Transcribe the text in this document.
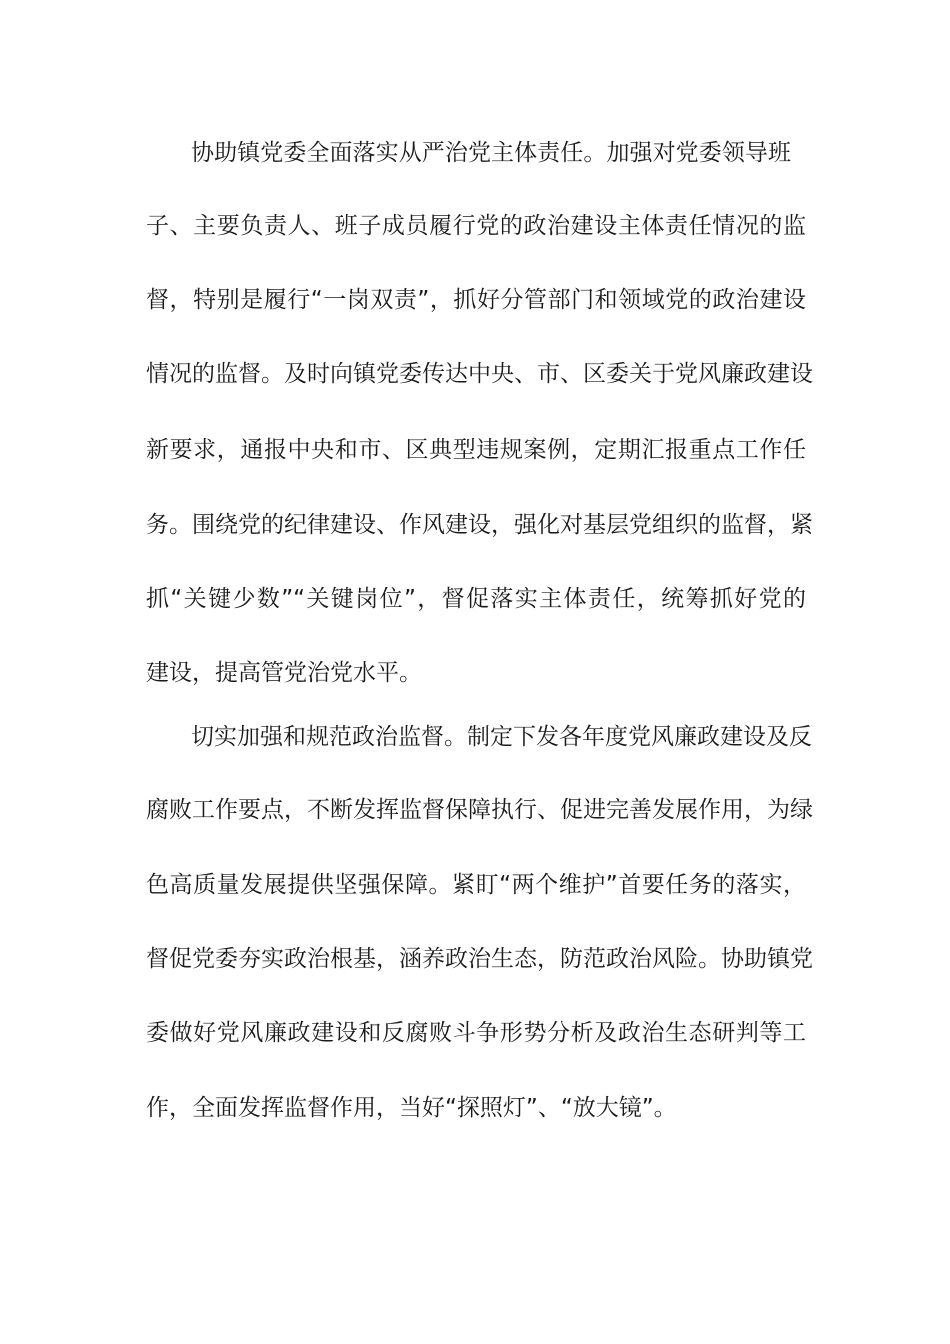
协助镇党委全面落实从严治党主体责任。加强对党委领导班
子、主要负责人、班子成员履行党的政治建设主体责任情况的监
督，特别是履行“一岗双责”，抓好分管部门和领域党的政治建设
情况的监督。及时向镇党委传达中央、市、区委关于党风廉政建设
新要求，通报中央和市、区典型违规案例，定期汇报重点工作任
务。围绕党的纪律建设、作风建设，强化对基层党组织的监督，紧
抓“关键少数”“关键岗位”，督促落实主体责任，统筹抓好党的
建设，提高管党治党水平。
切实加强和规范政治监督。制定下发各年度党风廉政建设及反
腐败工作要点，不断发挥监督保障执行、促进完善发展作用，为绿
色高质量发展提供坚强保障。紧盯“两个维护”首要任务的落实，
督促党委夯实政治根基，涵养政治生态，防范政治风险。协助镇党
委做好党风廉政建设和反腐败斗争形势分析及政治生态研判等工
作，全面发挥监督作用，当好“探照灯”、“放大镜”。
